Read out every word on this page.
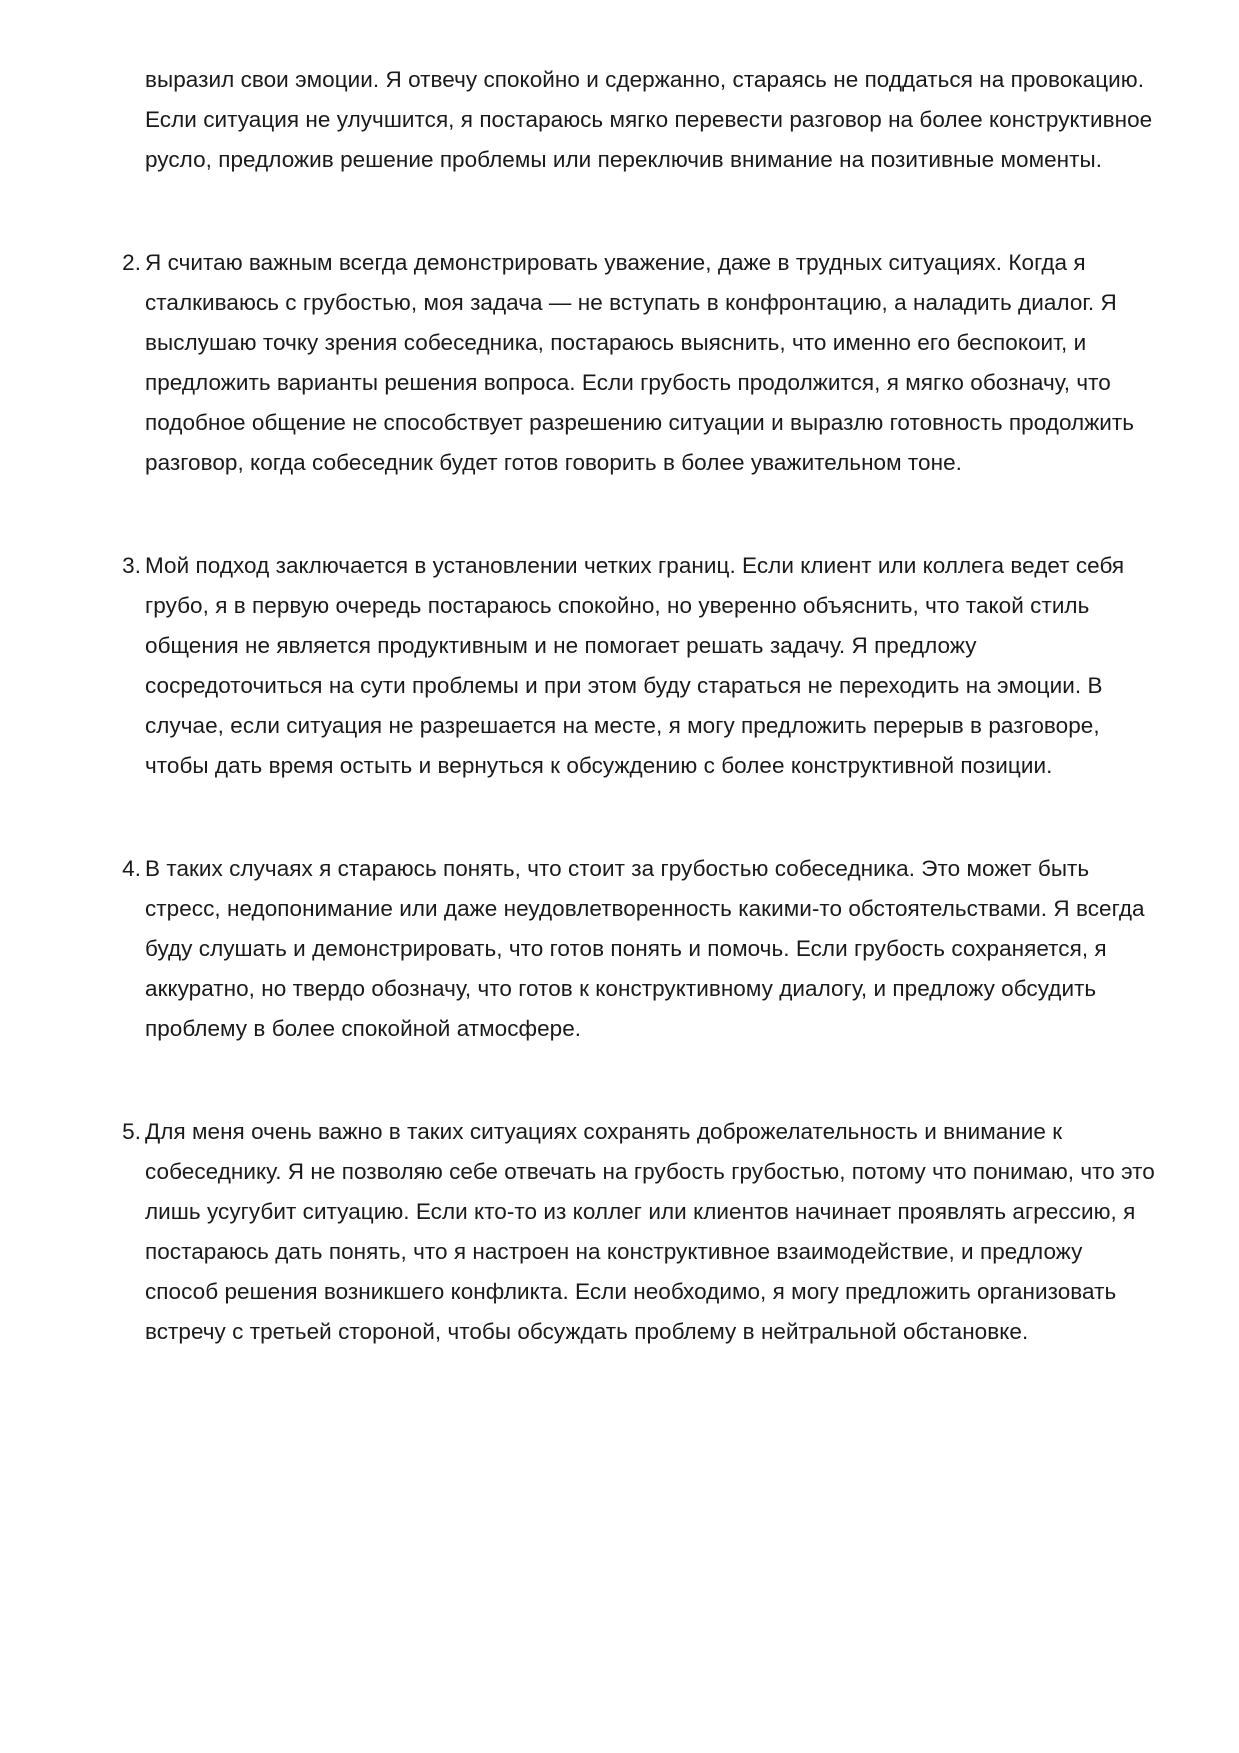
выразил свои эмоции. Я отвечу спокойно и сдержанно, стараясь не поддаться на провокацию. Если ситуация не улучшится, я постараюсь мягко перевести разговор на более конструктивное русло, предложив решение проблемы или переключив внимание на позитивные моменты.
2. Я считаю важным всегда демонстрировать уважение, даже в трудных ситуациях. Когда я сталкиваюсь с грубостью, моя задача — не вступать в конфронтацию, а наладить диалог. Я выслушаю точку зрения собеседника, постараюсь выяснить, что именно его беспокоит, и предложить варианты решения вопроса. Если грубость продолжится, я мягко обозначу, что подобное общение не способствует разрешению ситуации и выразлю готовность продолжить разговор, когда собеседник будет готов говорить в более уважительном тоне.
3. Мой подход заключается в установлении четких границ. Если клиент или коллега ведет себя грубо, я в первую очередь постараюсь спокойно, но уверенно объяснить, что такой стиль общения не является продуктивным и не помогает решать задачу. Я предложу сосредоточиться на сути проблемы и при этом буду стараться не переходить на эмоции. В случае, если ситуация не разрешается на месте, я могу предложить перерыв в разговоре, чтобы дать время остыть и вернуться к обсуждению с более конструктивной позиции.
4. В таких случаях я стараюсь понять, что стоит за грубостью собеседника. Это может быть стресс, недопонимание или даже неудовлетворенность какими-то обстоятельствами. Я всегда буду слушать и демонстрировать, что готов понять и помочь. Если грубость сохраняется, я аккуратно, но твердо обозначу, что готов к конструктивному диалогу, и предложу обсудить проблему в более спокойной атмосфере.
5. Для меня очень важно в таких ситуациях сохранять доброжелательность и внимание к собеседнику. Я не позволяю себе отвечать на грубость грубостью, потому что понимаю, что это лишь усугубит ситуацию. Если кто-то из коллег или клиентов начинает проявлять агрессию, я постараюсь дать понять, что я настроен на конструктивное взаимодействие, и предложу способ решения возникшего конфликта. Если необходимо, я могу предложить организовать встречу с третьей стороной, чтобы обсуждать проблему в нейтральной обстановке.
